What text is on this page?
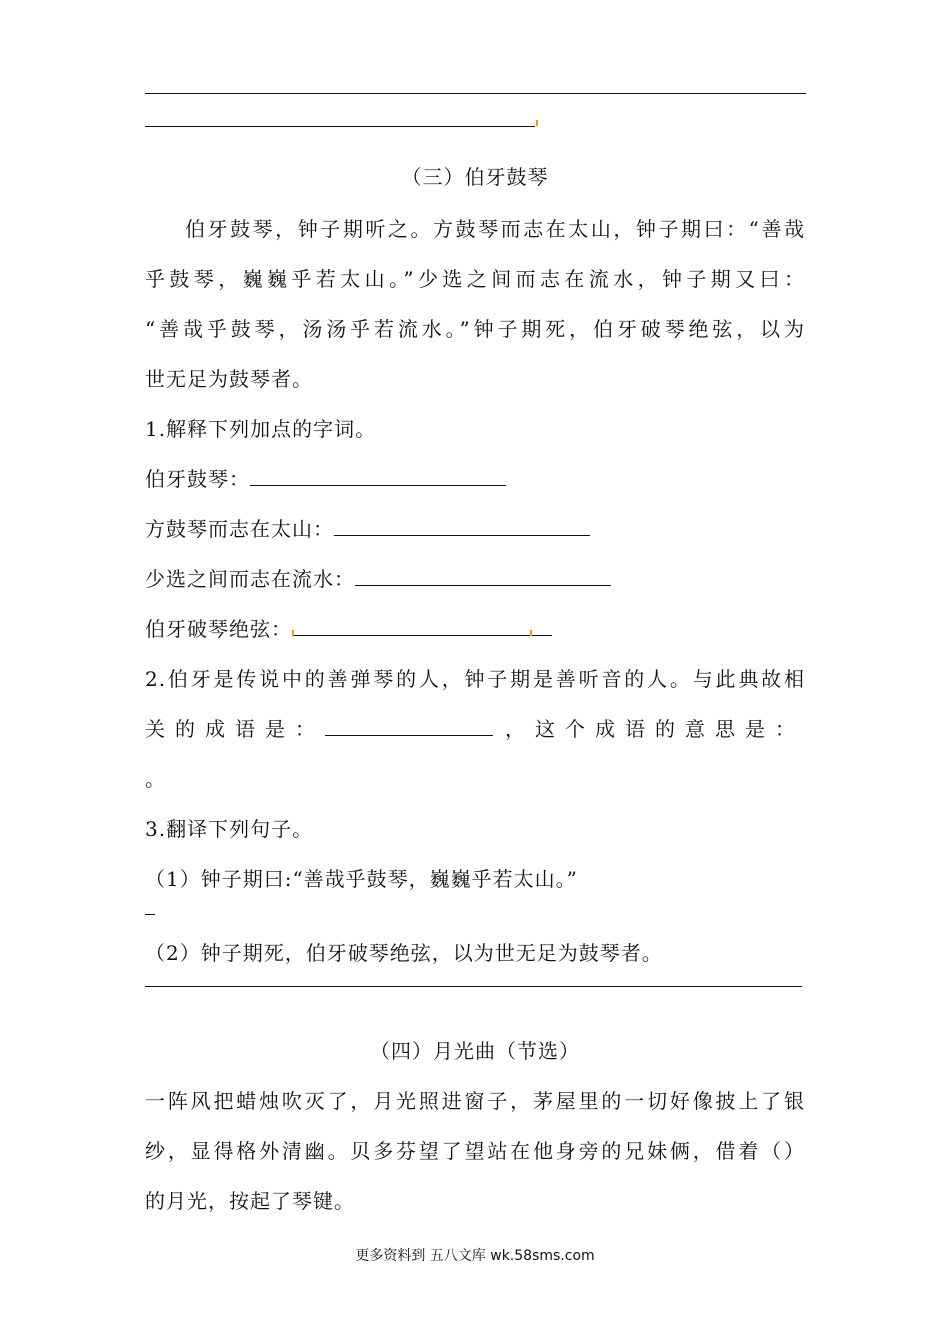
（三）伯牙鼓琴
伯牙鼓琴，钟子期听之。方鼓琴而志在太山，钟子期曰：“善哉
乎鼓琴，巍巍乎若太山。”少选之间而志在流水，钟子期又曰：
“善哉乎鼓琴，汤汤乎若流水。”钟子期死，伯牙破琴绝弦，以为
世无足为鼓琴者。
1.解释下列加点的字词。
伯牙鼓琴：
方鼓琴而志在太山：
少选之间而志在流水：
伯牙破琴绝弦：
2.伯牙是传说中的善弹琴的人，钟子期是善听音的人。与此典故相
关的成语是：	，这个成语的意思是：
。
3.翻译下列句子。
（1）钟子期曰:“善哉乎鼓琴，巍巍乎若太山。”
（2）钟子期死，伯牙破琴绝弦，以为世无足为鼓琴者。
（四）月光曲（节选）
一阵风把蜡烛吹灭了，月光照进窗子，茅屋里的一切好像披上了银
纱，显得格外清幽。贝多芬望了望站在他身旁的兄妹俩，借着（）
的月光，按起了琴键。
更多资料到 五八文库 wk.58sms.com
